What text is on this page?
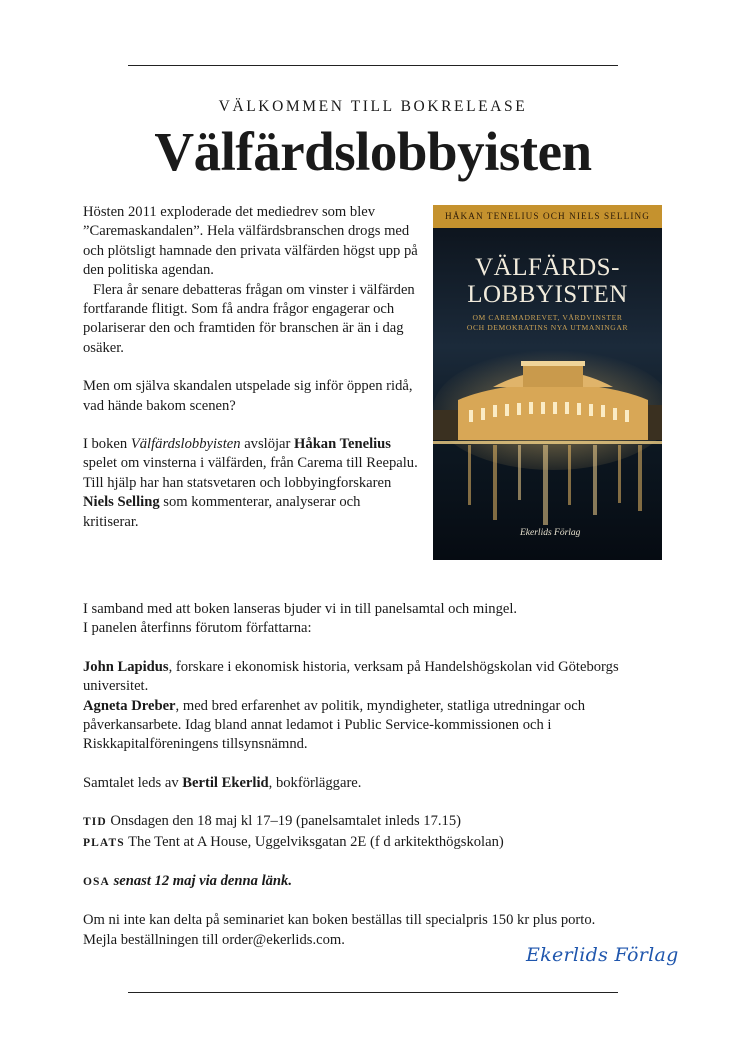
VÄLKOMMEN TILL BOKRELEASE
Välfärdslobbyisten

Hösten 2011 exploderade det mediedrev som blev ”Caremaskandalen”. Hela välfärdsbranschen drogs med och plötsligt hamnade den privata välfärden högst upp på den politiska agendan.

Flera år senare debatteras frågan om vinster i välfärden fortfarande flitigt. Som få andra frågor engagerar och polariserar den och framtiden för branschen är än i dag osäker.

Men om själva skandalen utspelade sig inför öppen ridå, vad hände bakom scenen?

I boken Välfärdslobbyisten avslöjar Håkan Tenelius spelet om vinsterna i välfärden, från Carema till Reepalu. Till hjälp har han statsvetaren och lobbyingforskaren Niels Selling som kommenterar, analyserar och kritiserar.

HÅKAN TENELIUS OCH NIELS SELLING
VÄLFÄRDS-
LOBBYISTEN
OM CAREMADREVET, VÅRDVINSTER
OCH DEMOKRATINS NYA UTMANINGAR
Ekerlids Förlag

I samband med att boken lanseras bjuder vi in till panelsamtal och mingel.

I panelen återfinns förutom författarna:

John Lapidus, forskare i ekonomisk historia, verksam på Handelshögskolan vid Göteborgs universitet.

Agneta Dreber, med bred erfarenhet av politik, myndigheter, statliga utredningar och påverkansarbete. Idag bland annat ledamot i Public Service-kommissionen och i Riskkapitalföreningens tillsynsnämnd.

Samtalet leds av Bertil Ekerlid, bokförläggare.

TID Onsdagen den 18 maj kl 17–19 (panelsamtalet inleds 17.15)

PLATS The Tent at A House, Uggelviksgatan 2E (f d arkitekthögskolan)

OSA senast 12 maj via denna länk.

Om ni inte kan delta på seminariet kan boken beställas till specialpris 150 kr plus porto.

Mejla beställningen till order@ekerlids.com.

Ekerlids Förlag
